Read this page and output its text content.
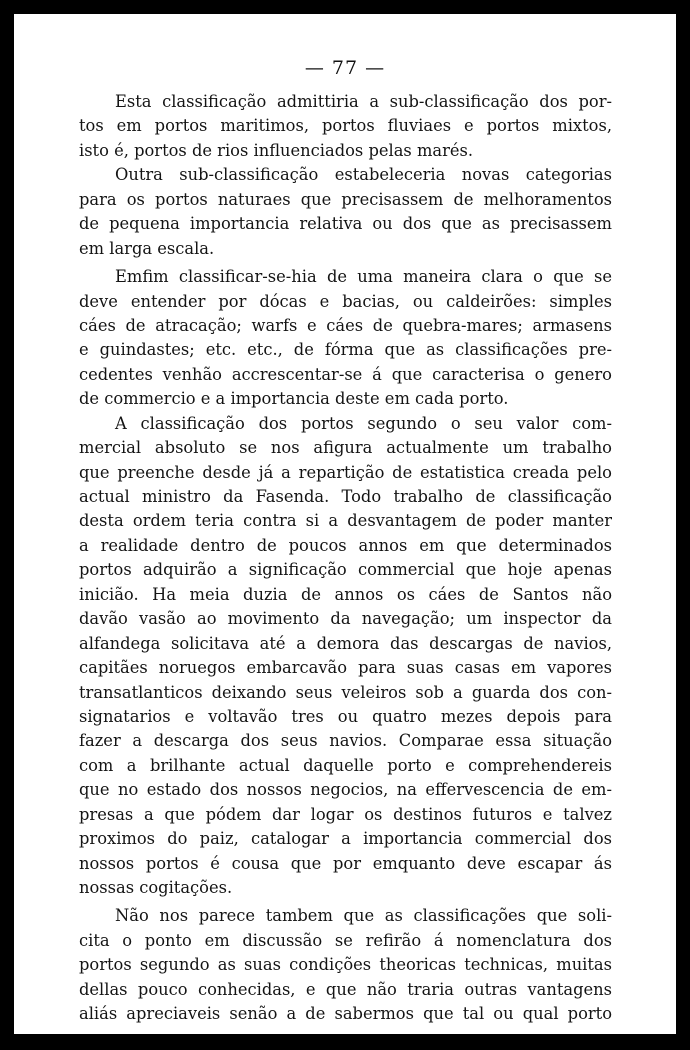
— 77 —
Esta classificação admittiria a sub-classificação dos por-
tos em portos maritimos, portos fluviaes e portos mixtos,
isto é, portos de rios influenciados pelas marés.
Outra sub-classificação estabeleceria novas categorias
para os portos naturaes que precisassem de melhoramentos
de pequena importancia relativa ou dos que as precisassem
em larga escala.
Emfim classificar-se-hia de uma maneira clara o que se
deve entender por dócas e bacias, ou caldeirões: simples
cáes de atracação; warfs e cáes de quebra-mares; armasens
e guindastes; etc. etc., de fórma que as classificações pre-
cedentes venhão accrescentar-se á que caracterisa o genero
de commercio e a importancia deste em cada porto.
A classificação dos portos segundo o seu valor com-
mercial absoluto se nos afigura actualmente um trabalho
que preenche desde já a repartição de estatistica creada pelo
actual ministro da Fasenda. Todo trabalho de classificação
desta ordem teria contra si a desvantagem de poder manter
a realidade dentro de poucos annos em que determinados
portos adquirão a significação commercial que hoje apenas
inicião. Ha meia duzia de annos os cáes de Santos não
davão vasão ao movimento da navegação; um inspector da
alfandega solicitava até a demora das descargas de navios,
capitães noruegos embarcavão para suas casas em vapores
transatlanticos deixando seus veleiros sob a guarda dos con-
signatarios e voltavão tres ou quatro mezes depois para
fazer a descarga dos seus navios. Comparae essa situação
com a brilhante actual daquelle porto e comprehendereis
que no estado dos nossos negocios, na effervescencia de em-
presas a que pódem dar logar os destinos futuros e talvez
proximos do paiz, catalogar a importancia commercial dos
nossos portos é cousa que por emquanto deve escapar ás
nossas cogitações.
Não nos parece tambem que as classificações que soli-
cita o ponto em discussão se refirão á nomenclatura dos
portos segundo as suas condições theoricas technicas, muitas
dellas pouco conhecidas, e que não traria outras vantagens
aliás apreciaveis senão a de sabermos que tal ou qual porto
